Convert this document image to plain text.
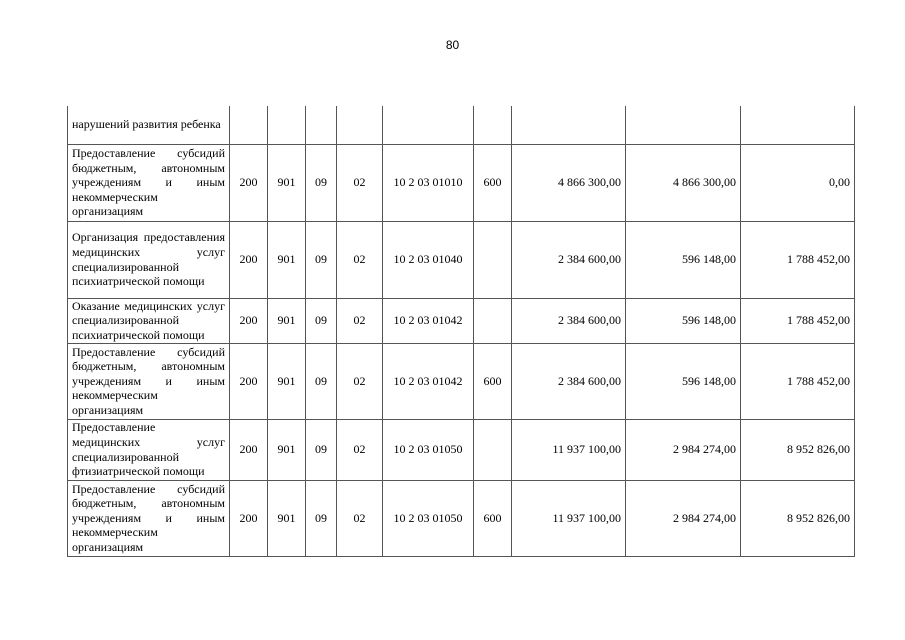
80
нарушений развития ребенка									
Предоставление субсидий бюджетным, автономным учреждениям и иным некоммерческим организациям	200	901	09	02	10 2 03 01010	600	4 866 300,00	4 866 300,00	0,00
Организация предоставления медицинских услуг специализированной психиатрической помощи	200	901	09	02	10 2 03 01040		2 384 600,00	596 148,00	1 788 452,00
Оказание медицинских услуг специализированной психиатрической помощи	200	901	09	02	10 2 03 01042		2 384 600,00	596 148,00	1 788 452,00
Предоставление субсидий бюджетным, автономным учреждениям и иным некоммерческим организациям	200	901	09	02	10 2 03 01042	600	2 384 600,00	596 148,00	1 788 452,00
Предоставление медицинских услуг специализированной фтизиатрической помощи	200	901	09	02	10 2 03 01050		11 937 100,00	2 984 274,00	8 952 826,00
Предоставление субсидий бюджетным, автономным учреждениям и иным некоммерческим организациям	200	901	09	02	10 2 03 01050	600	11 937 100,00	2 984 274,00	8 952 826,00
